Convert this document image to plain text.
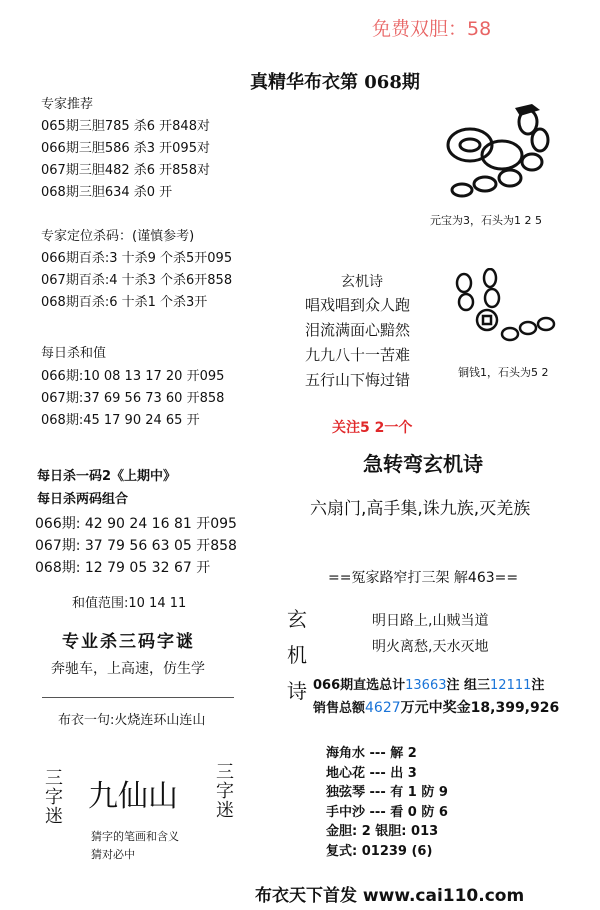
免费双胆：58
真精华布衣第 068期
专家推荐
065期三胆785 杀6 开848对
066期三胆586 杀3 开095对
067期三胆482 杀6 开858对
068期三胆634 杀0 开
专家定位杀码：(谨慎参考)
066期百杀:3 十杀9 个杀5开095
067期百杀:4 十杀3 个杀6开858
068期百杀:6 十杀1 个杀3开
每日杀和值
066期:10 08 13 17 20 开095
067期:37 69 56 73 60 开858
068期:45 17 90 24 65 开
每日杀一码2《上期中》
每日杀两码组合
066期: 42 90 24 16 81 开095
067期: 37 79 56 63 05 开858
068期: 12 79 05 32 67 开
和值范围:10 14 11
专业杀三码字谜
奔驰车，上高速，仿生学
布衣一句:火烧连环山连山
三字迷 九仙山 三字迷
猜字的笔画和含义
猜对必中
元宝为3，石头为1 2 5
玄机诗
唱戏唱到众人跑
泪流满面心黯然
九九八十一苦难
五行山下悔过错	铜钱1，石头为5 2
关注5 2一个
急转弯玄机诗
六扇门,高手集,诛九族,灭羌族
==冤家路窄打三架 解463==
玄
机
诗
明日路上,山贼当道
明火离愁,天水灭地
066期直选总计13663注 组三12111注
销售总额4627万元中奖金18,399,926
海角水 --- 解 2
地心花 --- 出 3
独弦琴 --- 有 1 防 9
手中沙 --- 看 0 防 6
金胆: 2 银胆: 013
复式: 01239 (6)
布衣天下首发 www.cai110.com
